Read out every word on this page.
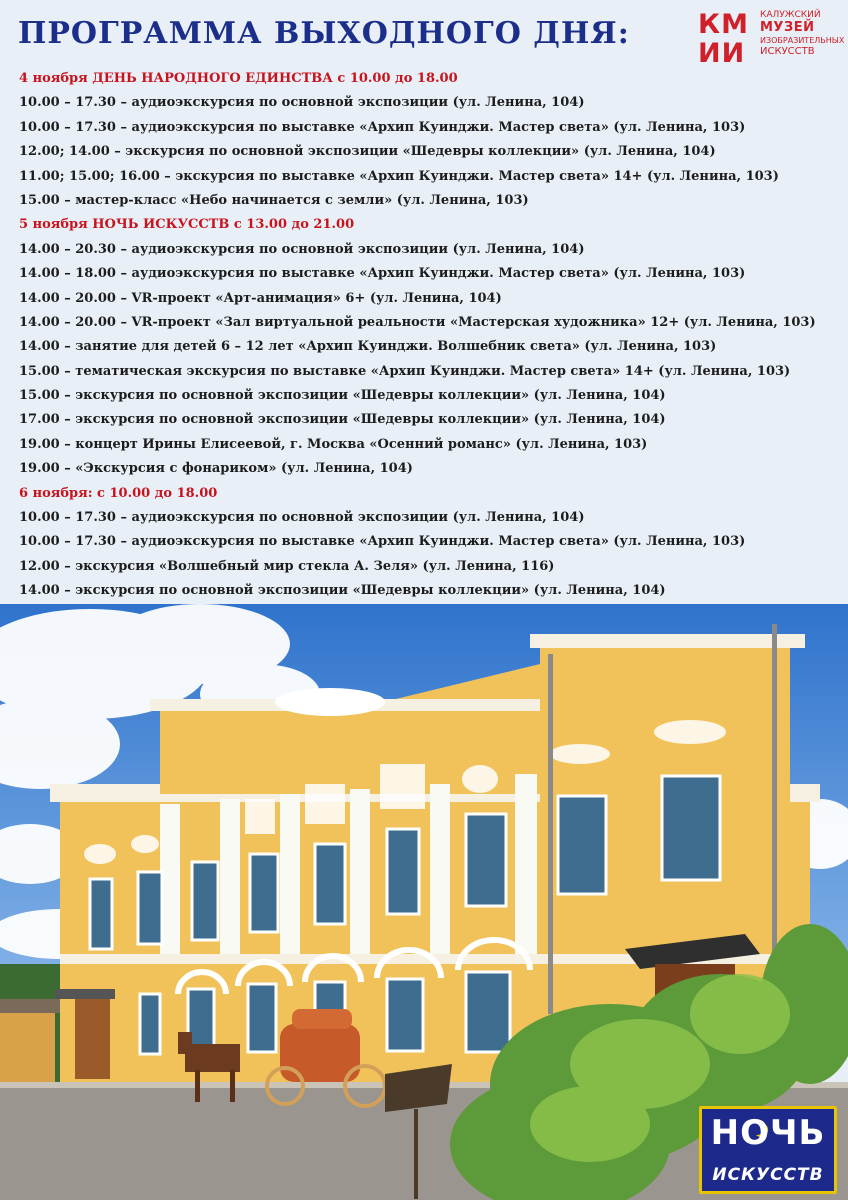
ПРОГРАММА ВЫХОДНОГО ДНЯ:	КМ
ИИ
КАЛУЖСКИЙ
МУЗЕЙ
ИЗОБРАЗИТЕЛЬНЫХ
ИСКУССТВ
4 ноября ДЕНЬ НАРОДНОГО ЕДИНСТВА с 10.00 до 18.00
10.00 – 17.30 – аудиоэкскурсия по основной экспозиции (ул. Ленина, 104)
10.00 – 17.30 – аудиоэкскурсия по выставке «Архип Куинджи. Мастер света» (ул. Ленина, 103)
12.00; 14.00 – экскурсия по основной экспозиции «Шедевры коллекции» (ул. Ленина, 104)
11.00; 15.00; 16.00 – экскурсия по выставке «Архип Куинджи. Мастер света» 14+ (ул. Ленина, 103)
15.00 – мастер-класс «Небо начинается с земли» (ул. Ленина, 103)
5 ноября НОЧЬ ИСКУССТВ с 13.00 до 21.00
14.00 – 20.30 – аудиоэкскурсия по основной экспозиции (ул. Ленина, 104)
14.00 – 18.00 – аудиоэкскурсия по выставке «Архип Куинджи. Мастер света» (ул. Ленина, 103)
14.00 – 20.00 – VR-проект «Арт-анимация» 6+ (ул. Ленина, 104)
14.00 – 20.00 – VR-проект «Зал виртуальной реальности «Мастерская художника» 12+ (ул. Ленина, 103)
14.00 – занятие для детей 6 – 12 лет «Архип Куинджи. Волшебник света» (ул. Ленина, 103)
15.00 – тематическая экскурсия по выставке «Архип Куинджи. Мастер света» 14+ (ул. Ленина, 103)
15.00 – экскурсия по основной экспозиции «Шедевры коллекции» (ул. Ленина, 104)
17.00 – экскурсия по основной экспозиции «Шедевры коллекции» (ул. Ленина, 104)
19.00 – концерт Ирины Елисеевой, г. Москва «Осенний романс» (ул. Ленина, 103)
19.00 – «Экскурсия с фонариком» (ул. Ленина, 104)
6 ноября: с 10.00 до 18.00
10.00 – 17.30 – аудиоэкскурсия по основной экспозиции (ул. Ленина, 104)
10.00 – 17.30 – аудиоэкскурсия по выставке «Архип Куинджи. Мастер света» (ул. Ленина, 103)
12.00 – экскурсия «Волшебный мир стекла А. Зеля» (ул. Ленина, 116)
14.00 – экскурсия по основной экспозиции «Шедевры коллекции» (ул. Ленина, 104)
НОЧЬ
ИСКУССТВ
